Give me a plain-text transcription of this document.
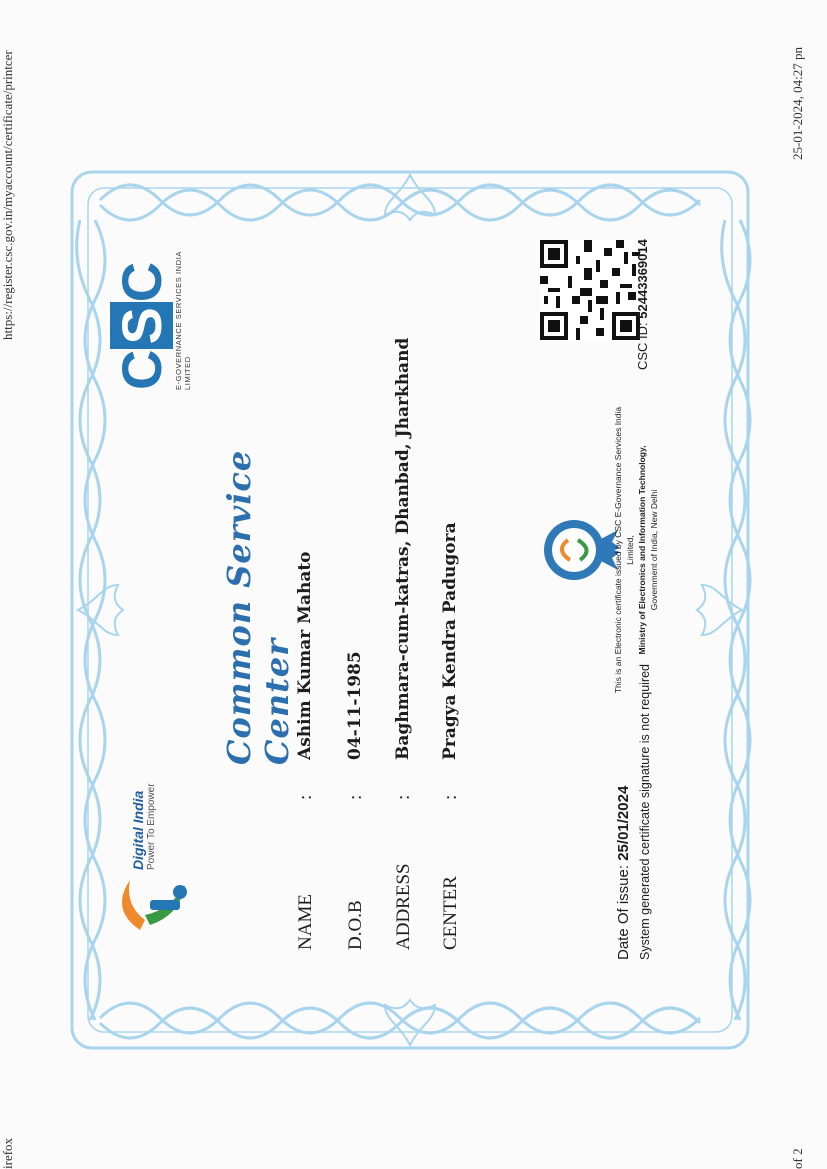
https://register.csc.gov.in/myaccount/certificate/printcer	25-01-2024, 04:27 pn
irefox	of 2
Digital India Power To Empower
CSC E-GOVERNANCE SERVICES INDIA LIMITED
Common Service Center
NAME
:
Ashim Kumar Mahato
D.O.B
:
04-11-1985
ADDRESS
:
Baghmara-cum-katras, Dhanbad, Jharkhand
CENTER
:
Pragya Kendra Padugora	This is an Electronic certificate issued by CSC E-Governance Services India Limited, Ministry of Electronics and Information Technology, Government of India, New Delhi
Date Of issue: 25/01/2024 System generated certificate signature is not required
CSC ID: 52443369014
